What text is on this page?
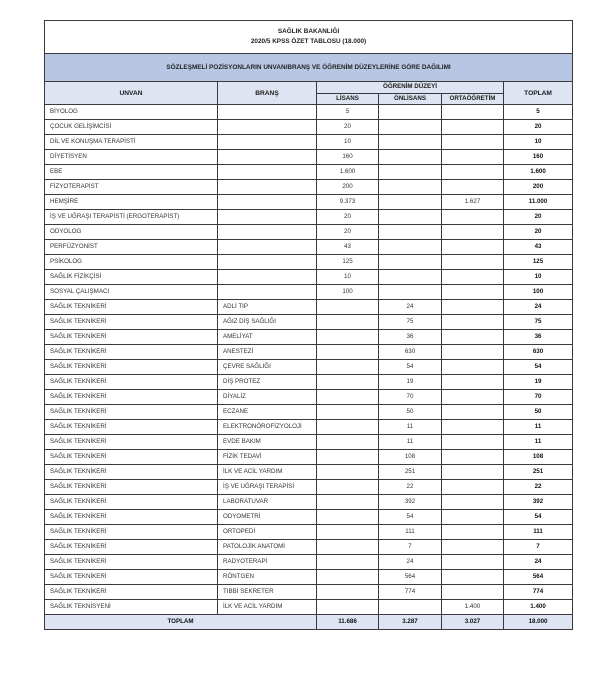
SAĞLIK BAKANLIĞI
2020/5 KPSS ÖZET TABLOSU (18.000)					

SÖZLEŞMELİ POZİSYONLARIN UNVAN/BRANŞ VE ÖĞRENİM DÜZEYLERİNE GÖRE DAĞILIMI					
UNVAN	BRANŞ	ÖĞRENİM DÜZEYİ			TOPLAM
		LİSANS	ÖNLİSANS	ORTAÖĞRETİM	
BİYOLOG		5			5
ÇOCUK GELİŞİMCİSİ		20			20
DİL VE KONUŞMA TERAPİSTİ		10			10
DİYETİSYEN		160			160
EBE		1.600			1.600
FİZYOTERAPİST		200			200
HEMŞİRE		9.373		1.627	11.000
İŞ VE UĞRAŞI TERAPİSTİ (ERGOTERAPİST)		20			20
ODYOLOG		20			20
PERFÜZYONİST		43			43
PSİKOLOG		125			125
SAĞLIK FİZİKÇİSİ		10			10
SOSYAL ÇALIŞMACI		100			100
SAĞLIK TEKNİKERİ	ADLİ TIP		24		24
SAĞLIK TEKNİKERİ	AĞIZ DİŞ SAĞLIĞI		75		75
SAĞLIK TEKNİKERİ	AMELİYAT		36		36
SAĞLIK TEKNİKERİ	ANESTEZİ		630		630
SAĞLIK TEKNİKERİ	ÇEVRE SAĞLIĞI		54		54
SAĞLIK TEKNİKERİ	DİŞ PROTEZ		19		19
SAĞLIK TEKNİKERİ	DİYALİZ		70		70
SAĞLIK TEKNİKERİ	ECZANE		50		50
SAĞLIK TEKNİKERİ	ELEKTRONÖROFİZYOLOJİ		11		11
SAĞLIK TEKNİKERİ	EVDE BAKIM		11		11
SAĞLIK TEKNİKERİ	FİZİK TEDAVİ		108		108
SAĞLIK TEKNİKERİ	İLK VE ACİL YARDIM		251		251
SAĞLIK TEKNİKERİ	İŞ VE UĞRAŞI TERAPİSİ		22		22
SAĞLIK TEKNİKERİ	LABORATUVAR		392		392
SAĞLIK TEKNİKERİ	ODYOMETRİ		54		54
SAĞLIK TEKNİKERİ	ORTOPEDİ		111		111
SAĞLIK TEKNİKERİ	PATOLOJİK ANATOMİ		7		7
SAĞLIK TEKNİKERİ	RADYOTERAPİ		24		24
SAĞLIK TEKNİKERİ	RÖNTGEN		564		564
SAĞLIK TEKNİKERİ	TIBBİ SEKRETER		774		774
SAĞLIK TEKNİSYENİ	İLK VE ACİL YARDIM			1.400	1.400
TOPLAM		11.686	3.287	3.027	18.000
